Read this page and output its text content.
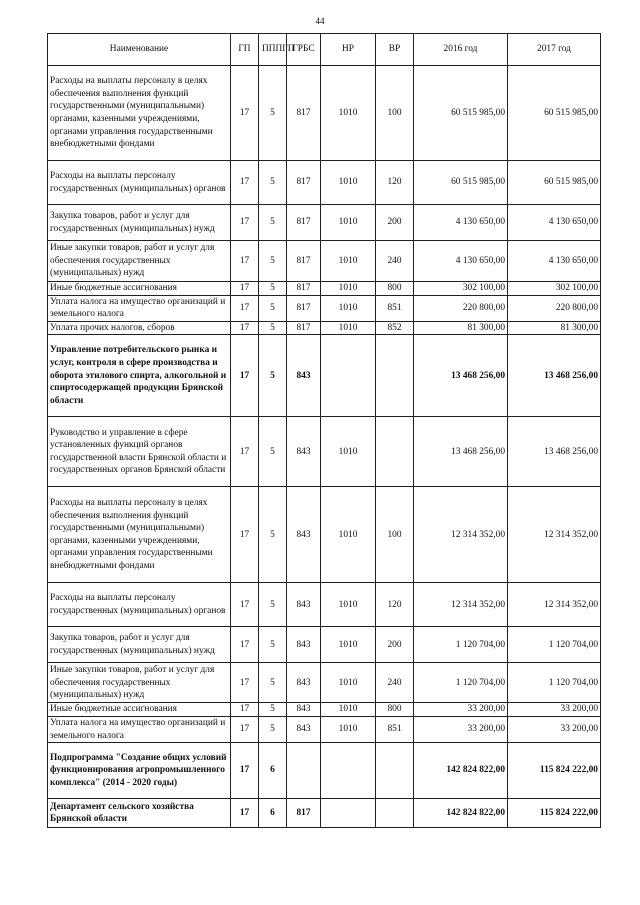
44
Наименование	ГП	ПППГП	ГРБС	НР	ВР	2016 год	2017 год
Расходы на выплаты персоналу в целях обеспечения выполнения функций государственными (муниципальными) органами, казенными учреждениями, органами управления государственными внебюджетными фондами	17	5	817	1010	100	60 515 985,00	60 515 985,00
Расходы на выплаты персоналу государственных (муниципальных) органов	17	5	817	1010	120	60 515 985,00	60 515 985,00
Закупка товаров, работ и услуг для государственных (муниципальных) нужд	17	5	817	1010	200	4 130 650,00	4 130 650,00
Иные закупки товаров, работ и услуг для обеспечения государственных (муниципальных) нужд	17	5	817	1010	240	4 130 650,00	4 130 650,00
Иные бюджетные ассигнования	17	5	817	1010	800	302 100,00	302 100,00
Уплата налога на имущество организаций и земельного налога	17	5	817	1010	851	220 800,00	220 800,00
Уплата прочих налогов, сборов	17	5	817	1010	852	81 300,00	81 300,00
Управление потребительского рынка и услуг, контроля в сфере производства и оборота этилового спирта, алкогольной и спиртосодержащей продукции Брянской области	17	5	843			13 468 256,00	13 468 256,00
Руководство и управление в сфере установленных функций органов государственной власти Брянской области и государственных органов Брянской области	17	5	843	1010		13 468 256,00	13 468 256,00
Расходы на выплаты персоналу в целях обеспечения выполнения функций государственными (муниципальными) органами, казенными учреждениями, органами управления государственными внебюджетными фондами	17	5	843	1010	100	12 314 352,00	12 314 352,00
Расходы на выплаты персоналу государственных (муниципальных) органов	17	5	843	1010	120	12 314 352,00	12 314 352,00
Закупка товаров, работ и услуг для государственных (муниципальных) нужд	17	5	843	1010	200	1 120 704,00	1 120 704,00
Иные закупки товаров, работ и услуг для обеспечения государственных (муниципальных) нужд	17	5	843	1010	240	1 120 704,00	1 120 704,00
Иные бюджетные ассигнования	17	5	843	1010	800	33 200,00	33 200,00
Уплата налога на имущество организаций и земельного налога	17	5	843	1010	851	33 200,00	33 200,00
Подпрограмма "Создание общих условий функционирования агропромышленного комплекса" (2014 - 2020 годы)	17	6				142 824 822,00	115 824 222,00
Департамент сельского хозяйства Брянской области	17	6	817			142 824 822,00	115 824 222,00
